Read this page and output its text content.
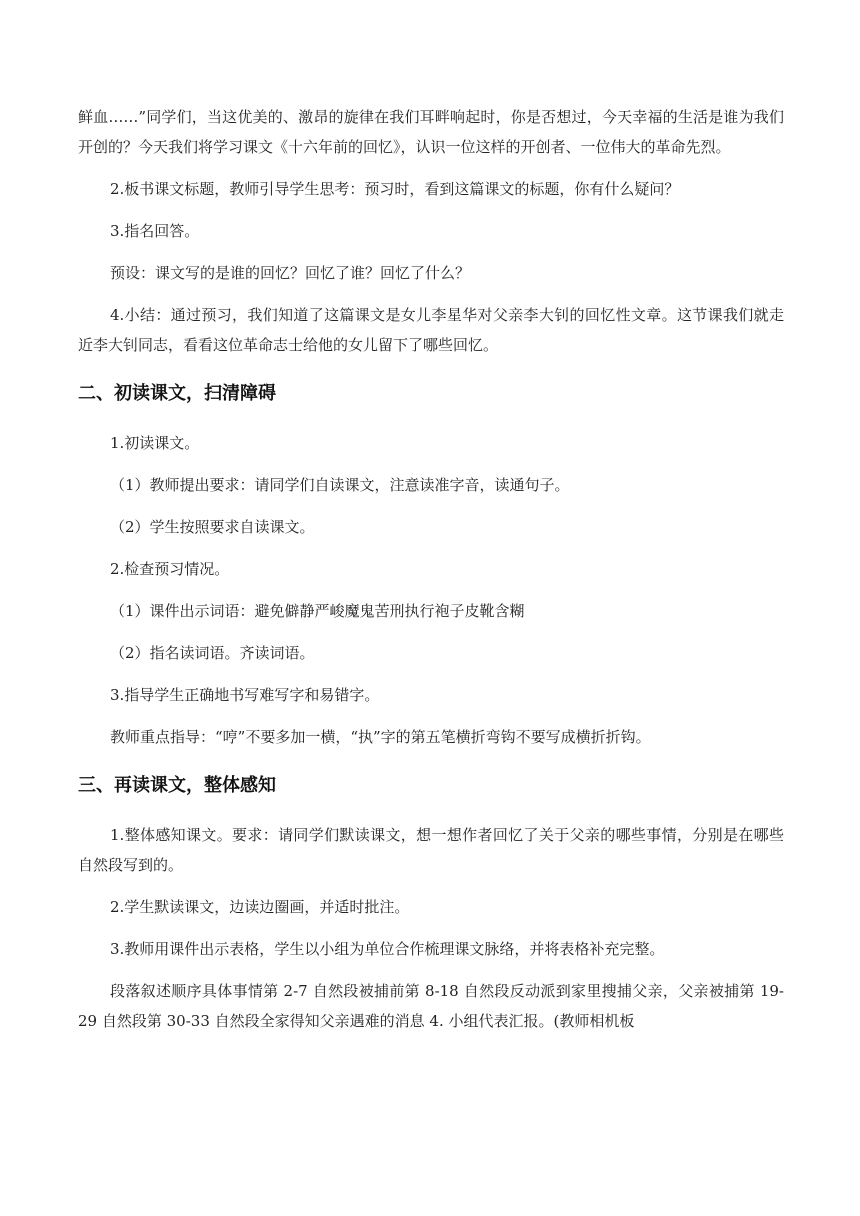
鲜血……”同学们，当这优美的、激昂的旋律在我们耳畔响起时，你是否想过，今天幸福的生活是谁为我们开创的？今天我们将学习课文《十六年前的回忆》，认识一位这样的开创者、一位伟大的革命先烈。

2.板书课文标题，教师引导学生思考：预习时，看到这篇课文的标题，你有什么疑问？

3.指名回答。

预设：课文写的是谁的回忆？回忆了谁？回忆了什么？

4.小结：通过预习，我们知道了这篇课文是女儿李星华对父亲李大钊的回忆性文章。这节课我们就走近李大钊同志，看看这位革命志士给他的女儿留下了哪些回忆。

二、初读课文，扫清障碍

1.初读课文。

（1）教师提出要求：请同学们自读课文，注意读准字音，读通句子。

（2）学生按照要求自读课文。

2.检查预习情况。

（1）课件出示词语：避免僻静严峻魔鬼苦刑执行袍子皮靴含糊

（2）指名读词语。齐读词语。

3.指导学生正确地书写难写字和易错字。

教师重点指导：“哼”不要多加一横，“执”字的第五笔横折弯钩不要写成横折折钩。

三、再读课文，整体感知

1.整体感知课文。要求：请同学们默读课文，想一想作者回忆了关于父亲的哪些事情，分别是在哪些自然段写到的。

2.学生默读课文，边读边圈画，并适时批注。

3.教师用课件出示表格，学生以小组为单位合作梳理课文脉络，并将表格补充完整。

段落叙述顺序具体事情第 2-7 自然段被捕前第 8-18 自然段反动派到家里搜捕父亲，父亲被捕第 19-29 自然段第 30-33 自然段全家得知父亲遇难的消息 4. 小组代表汇报。(教师相机板
